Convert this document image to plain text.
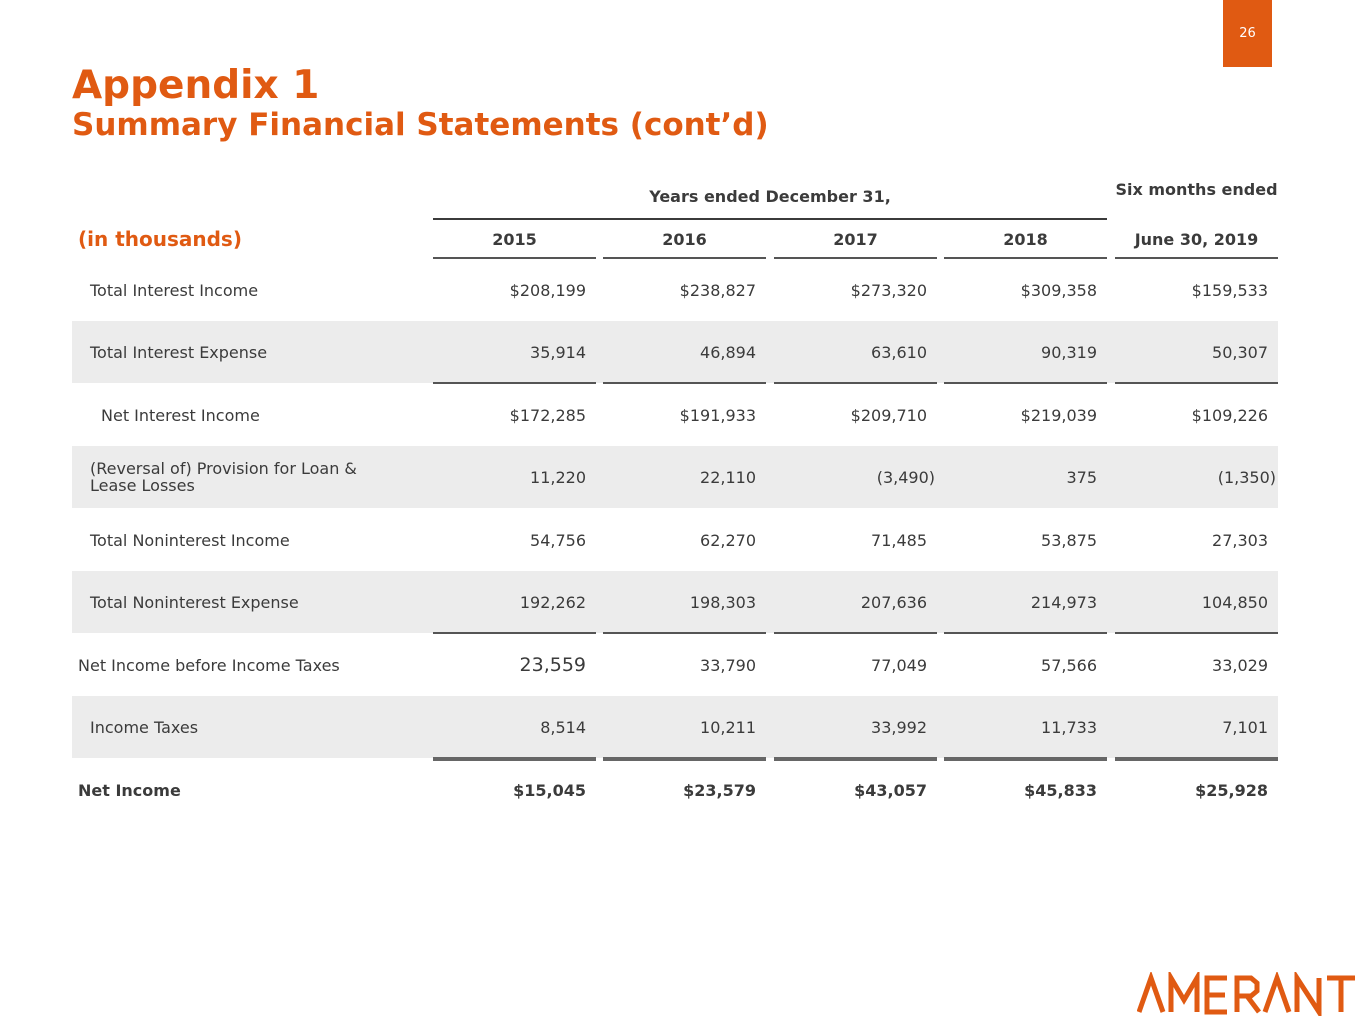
26
Appendix 1
Summary Financial Statements (cont’d)
Years ended December 31,	Six months ended
(in thousands)	2015	2016	2017	2018	June 30, 2019
Total Interest Income	$208,199	$238,827	$273,320	$309,358	$159,533
Total Interest Expense	35,914	46,894	63,610	90,319	50,307
Net Interest Income	$172,285	$191,933	$209,710	$219,039	$109,226
(Reversal of) Provision for Loan & Lease Losses	11,220	22,110	(3,490)	375	(1,350)
Total Noninterest Income	54,756	62,270	71,485	53,875	27,303
Total Noninterest Expense	192,262	198,303	207,636	214,973	104,850
Net Income before Income Taxes	23,559	33,790	77,049	57,566	33,029
Income Taxes	8,514	10,211	33,992	11,733	7,101
Net Income	$15,045	$23,579	$43,057	$45,833	$25,928
